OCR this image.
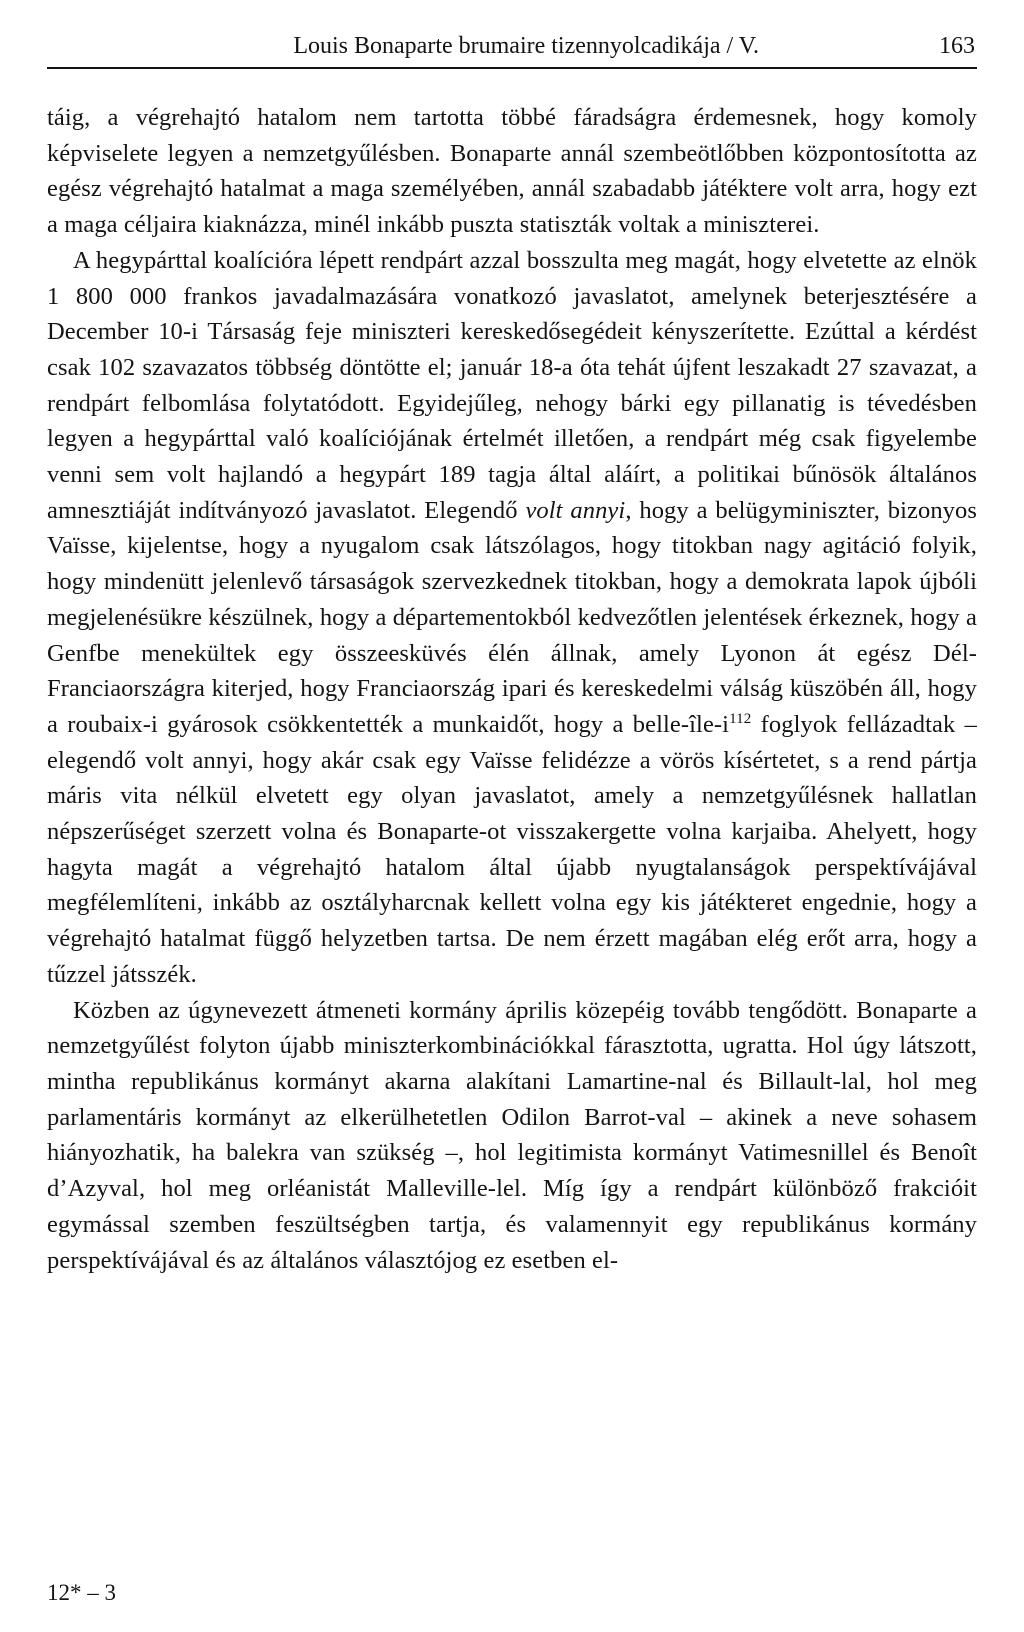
Louis Bonaparte brumaire tizennyolcadikája / V.	163

táig, a végrehajtó hatalom nem tartotta többé fáradságra érdemesnek, hogy komoly képviselete legyen a nemzetgyűlésben. Bonaparte annál szembeötlőbben központosította az egész végrehajtó hatalmat a maga személyében, annál szabadabb játéktere volt arra, hogy ezt a maga céljaira kiaknázza, minél inkább puszta statiszták voltak a miniszterei.

A hegypárttal koalícióra lépett rendpárt azzal bosszulta meg magát, hogy elvetette az elnök 1 800 000 frankos javadalmazására vonatkozó javaslatot, amelynek beterjesztésére a December 10-i Társaság feje miniszteri kereskedősegédeit kényszerítette. Ezúttal a kérdést csak 102 szavazatos többség döntötte el; január 18-a óta tehát újfent leszakadt 27 szavazat, a rendpárt felbomlása folytatódott. Egyidejűleg, nehogy bárki egy pillanatig is tévedésben legyen a hegypárttal való koalíciójának értelmét illetően, a rendpárt még csak figyelembe venni sem volt hajlandó a hegypárt 189 tagja által aláírt, a politikai bűnösök általános amnesztiáját indítványozó javaslatot. Elegendő volt annyi, hogy a belügyminiszter, bizonyos Vaïsse, kijelentse, hogy a nyugalom csak látszólagos, hogy titokban nagy agitáció folyik, hogy mindenütt jelenlevő társaságok szervezkednek titokban, hogy a demokrata lapok újbóli megjelenésükre készülnek, hogy a départementokból kedvezőtlen jelentések érkeznek, hogy a Genfbe menekültek egy összeesküvés élén állnak, amely Lyonon át egész Dél-Franciaországra kiterjed, hogy Franciaország ipari és kereskedelmi válság küszöbén áll, hogy a roubaix-i gyárosok csökkentették a munkaidőt, hogy a belle-$île-i^{112}$ foglyok fellázadtak – elegendő volt annyi, hogy akár csak egy Vaïsse felidézze a vörös kísértetet, s a rend pártja máris vita nélkül elvetett egy olyan javaslatot, amely a nemzetgyűlésnek hallatlan népszerűséget szerzett volna és Bonaparte-ot visszakergette volna karjaiba. Ahelyett, hogy hagyta magát a végrehajtó hatalom által újabb nyugtalanságok perspektívájával megfélemlíteni, inkább az osztályharcnak kellett volna egy kis játékteret engednie, hogy a végrehajtó hatalmat függő helyzetben tartsa. De nem érzett magában elég erőt arra, hogy a tűzzel játsszék.

Közben az úgynevezett átmeneti kormány április közepéig tovább tengődött. Bonaparte a nemzetgyűlést folyton újabb miniszterkombinációkkal fárasztotta, ugratta. Hol úgy látszott, mintha republikánus kormányt akarna alakítani Lamartine-nal és Billault-lal, hol meg parlamentáris kormányt az elkerülhetetlen Odilon Barrot-val – akinek a neve sohasem hiányozhatik, ha balekra van szükség –, hol legitimista kormányt Vatimesnillel és Benoît d’Azyval, hol meg orléanistát Malleville-lel. Míg így a rendpárt különböző frakcióit egymással szemben feszültségben tartja, és valamennyit egy republikánus kormány perspektívájával és az általános választójog ez esetben el-

12* – 3
